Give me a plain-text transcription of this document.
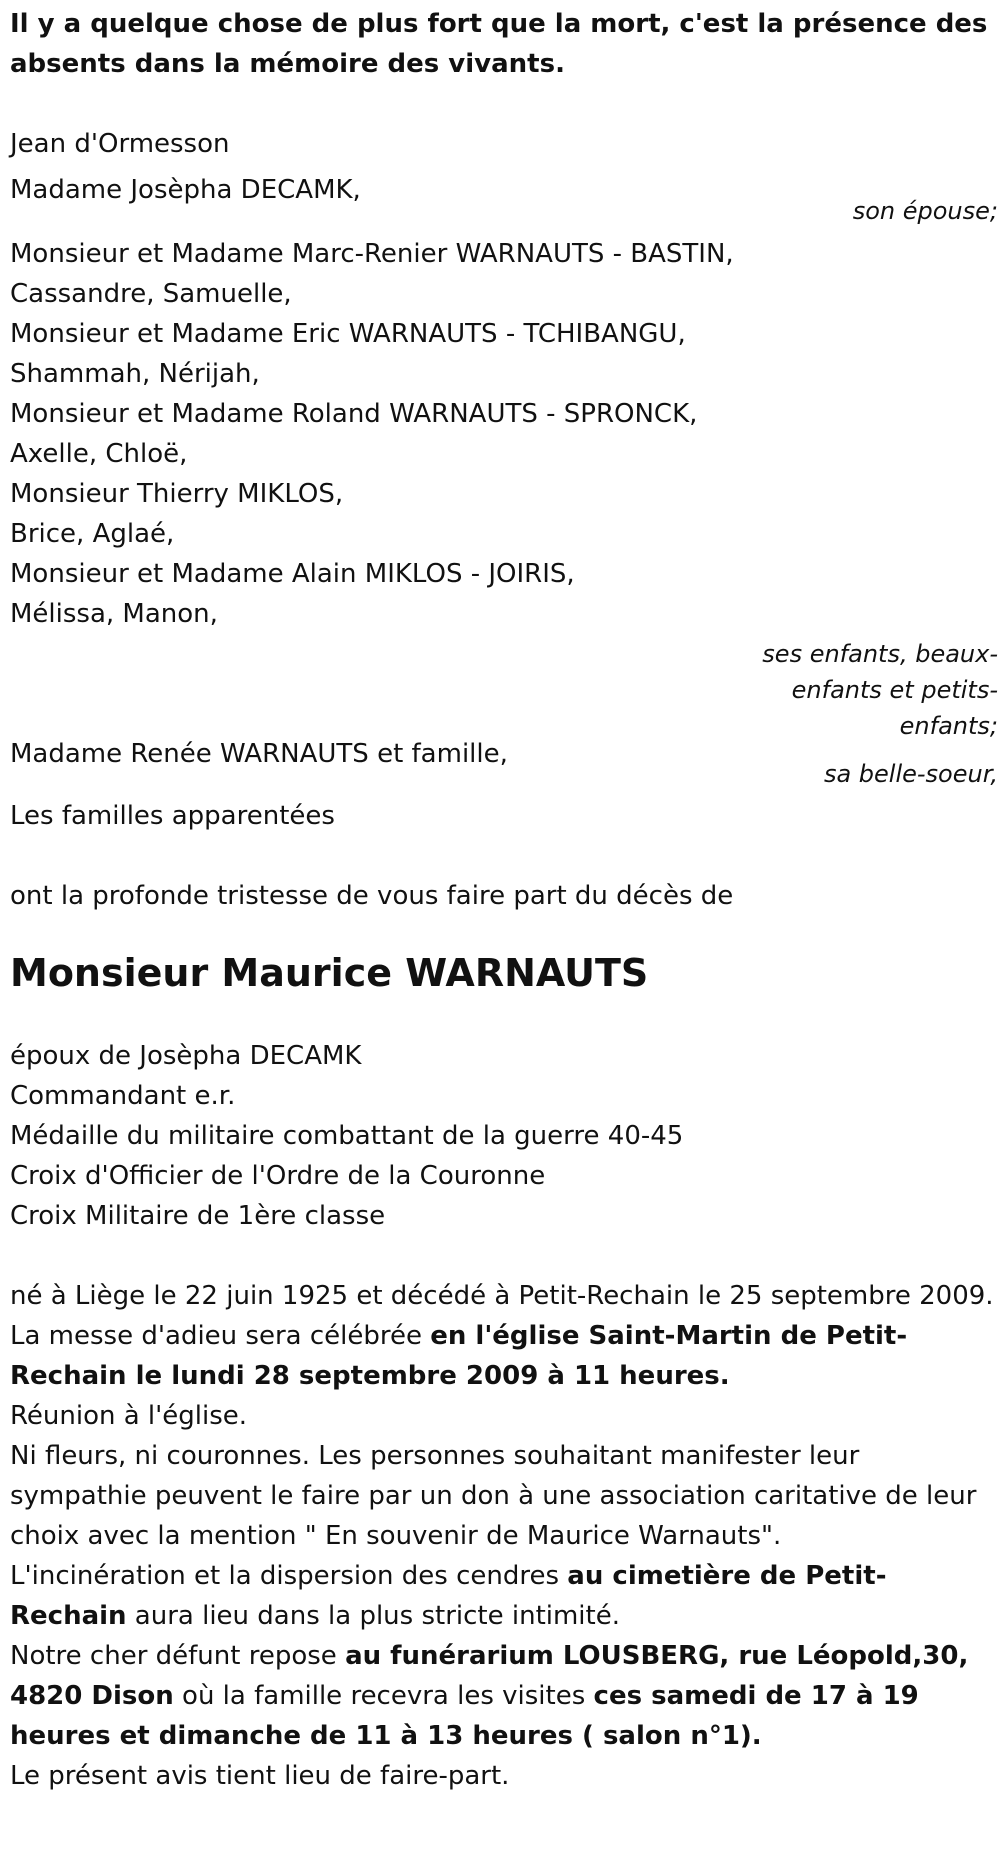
Il y a quelque chose de plus fort que la mort, c'est la présence des absents dans la mémoire des vivants.
Jean d'Ormesson
Madame Josèpha DECAMK,
son épouse;
Monsieur et Madame Marc-Renier WARNAUTS - BASTIN,
Cassandre, Samuelle,
Monsieur et Madame Eric WARNAUTS - TCHIBANGU,
Shammah, Nérijah,
Monsieur et Madame Roland WARNAUTS - SPRONCK,
Axelle, Chloë,
Monsieur Thierry MIKLOS,
Brice, Aglaé,
Monsieur et Madame Alain MIKLOS - JOIRIS,
Mélissa, Manon,
ses enfants, beaux-enfants et petits-enfants;
Madame Renée WARNAUTS et famille,
sa belle-soeur,
Les familles apparentées
ont la profonde tristesse de vous faire part du décès de
Monsieur Maurice WARNAUTS
époux de Josèpha DECAMK
Commandant e.r.
Médaille du militaire combattant de la guerre 40-45
Croix d'Officier de l'Ordre de la Couronne
Croix Militaire de 1ère classe
né à Liège le 22 juin 1925 et décédé à Petit-Rechain le 25 septembre 2009.
La messe d'adieu sera célébrée en l'église Saint-Martin de Petit-Rechain le lundi 28 septembre 2009 à 11 heures.
Réunion à l'église.
Ni fleurs, ni couronnes. Les personnes souhaitant manifester leur sympathie peuvent le faire par un don à une association caritative de leur choix avec la mention " En souvenir de Maurice Warnauts".
L'incinération et la dispersion des cendres au cimetière de Petit-Rechain aura lieu dans la plus stricte intimité.
Notre cher défunt repose au funérarium LOUSBERG, rue Léopold,30, 4820 Dison où la famille recevra les visites ces samedi de 17 à 19 heures et dimanche de 11 à 13 heures ( salon n°1).
Le présent avis tient lieu de faire-part.
